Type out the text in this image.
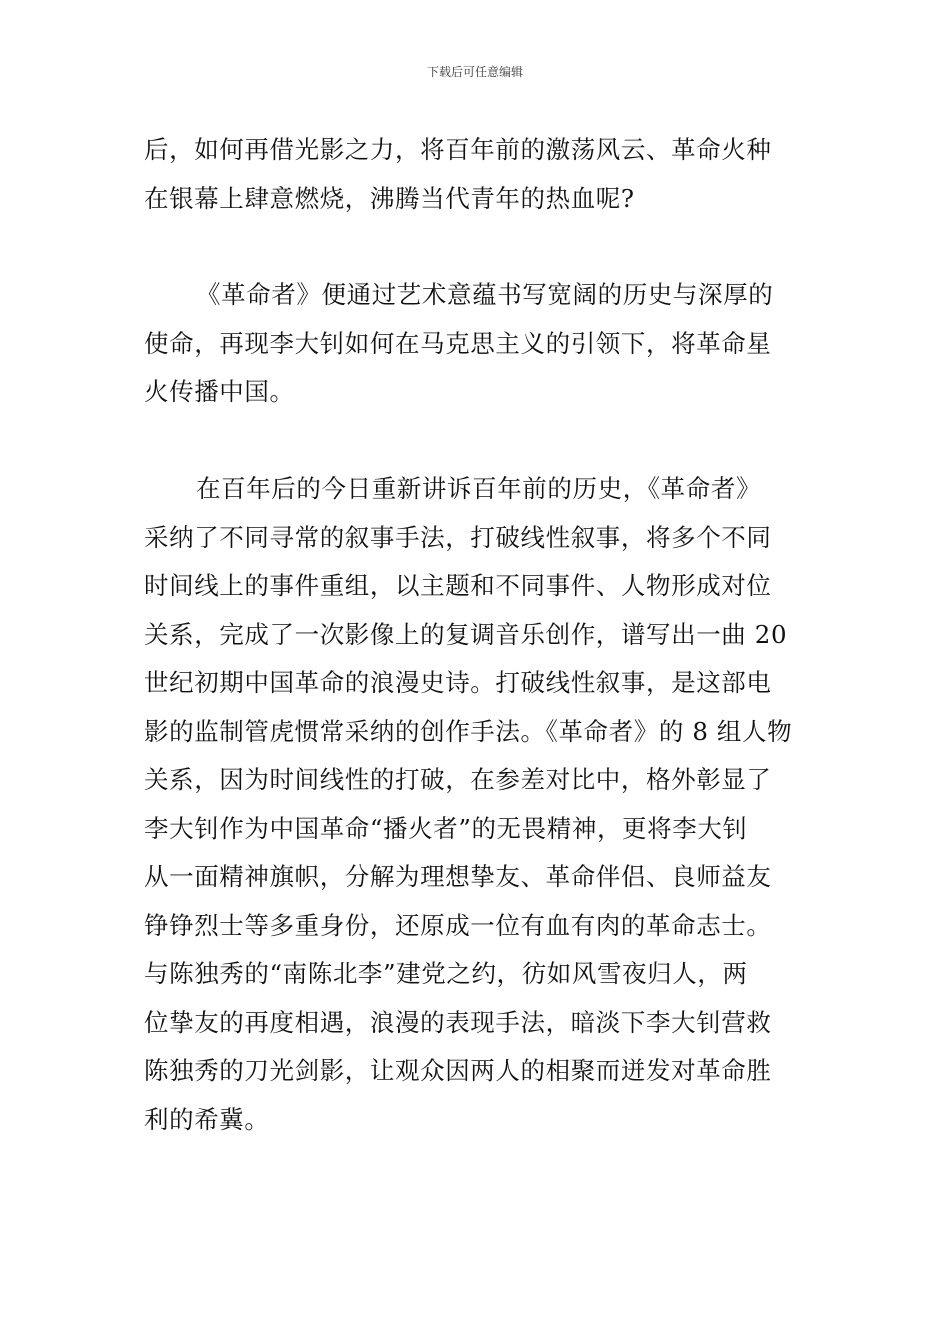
下载后可任意编辑
后，如何再借光影之力，将百年前的激荡风云、革命火种
在银幕上肆意燃烧，沸腾当代青年的热血呢?
《革命者》便通过艺术意蕴书写宽阔的历史与深厚的
使命，再现李大钊如何在马克思主义的引领下，将革命星
火传播中国。
在百年后的今日重新讲诉百年前的历史，《革命者》
采纳了不同寻常的叙事手法，打破线性叙事，将多个不同
时间线上的事件重组，以主题和不同事件、人物形成对位
关系，完成了一次影像上的复调音乐创作，谱写出一曲 20
世纪初期中国革命的浪漫史诗。打破线性叙事，是这部电
影的监制管虎惯常采纳的创作手法。《革命者》的 8 组人物
关系，因为时间线性的打破，在参差对比中，格外彰显了
李大钊作为中国革命“播火者”的无畏精神，更将李大钊
从一面精神旗帜，分解为理想挚友、革命伴侣、良师益友
铮铮烈士等多重身份，还原成一位有血有肉的革命志士。
与陈独秀的“南陈北李”建党之约，彷如风雪夜归人，两
位挚友的再度相遇，浪漫的表现手法，暗淡下李大钊营救
陈独秀的刀光剑影，让观众因两人的相聚而迸发对革命胜
利的希冀。
